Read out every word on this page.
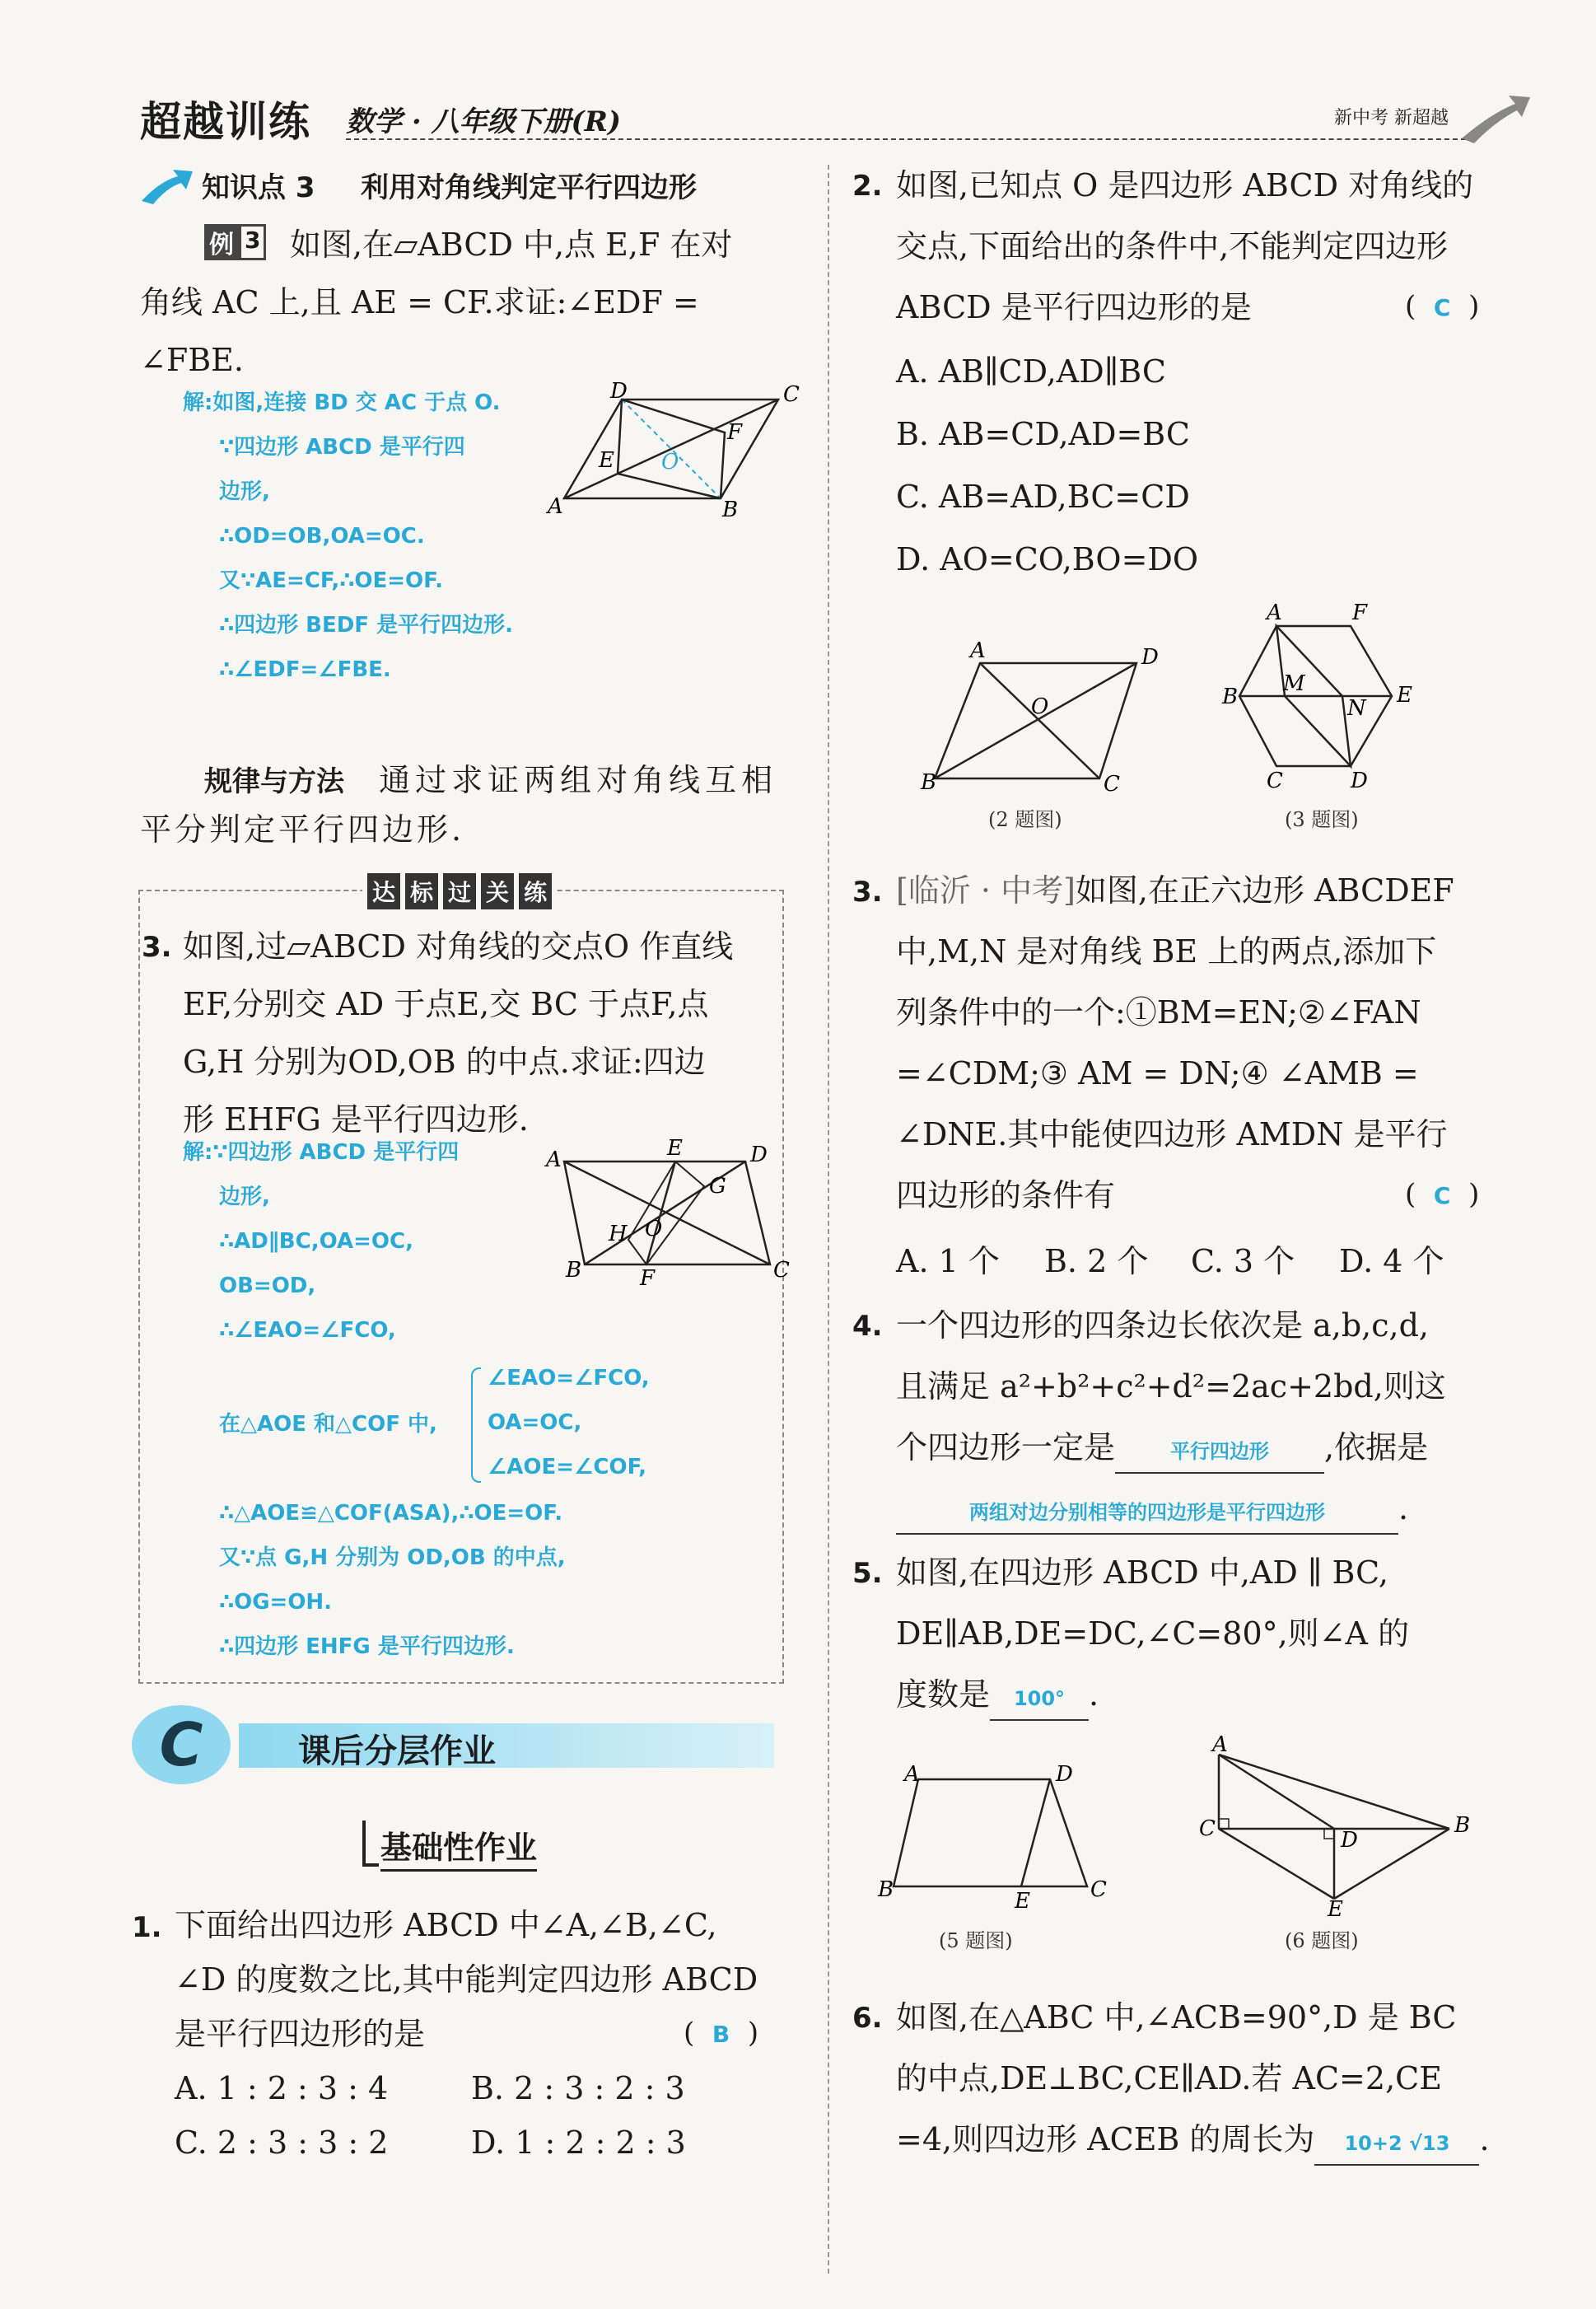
超越训练 数学 · 八年级下册(R)	新中考 新超越
知识点 3 利用对角线判定平行四边形
例 3 如图,在▱ABCD 中,点 E,F 在对
角线 AC 上,且 AE = CF.求证:∠EDF =
∠FBE.
解:如图,连接 BD 交 AC 于点 O.
∵四边形 ABCD 是平行四
边形,
∴OD=OB,OA=OC.
又∵AE=CF,∴OE=OF.
∴四边形 BEDF 是平行四边形.
∴∠EDF=∠FBE.
D	C
A	B
E
F
O
规律与方法 通过求证两组对角线互相
平分判定平行四边形.
达 标 过 关 练
3. 如图,过▱ABCD 对角线的交点O 作直线
EF,分别交 AD 于点E,交 BC 于点F,点
G,H 分别为OD,OB 的中点.求证:四边
形 EHFG 是平行四边形.
解:∵四边形 ABCD 是平行四
边形,
∴AD∥BC,OA=OC,
OB=OD,
∴∠EAO=∠FCO,
在△AOE 和△COF 中,
∠EAO=∠FCO,
OA=OC,
∠AOE=∠COF,
∴△AOE≌△COF(ASA),∴OE=OF.
又∵点 G,H 分别为 OD,OB 的中点,
∴OG=OH.
∴四边形 EHFG 是平行四边形.
A	E	D
G
H O
B	F	C
C	课后分层作业
基础性作业
1. 下面给出四边形 ABCD 中∠A,∠B,∠C,
∠D 的度数之比,其中能判定四边形 ABCD
是平行四边形的是	(  B  )
A. 1 : 2 : 3 : 4	B. 2 : 3 : 2 : 3
C. 2 : 3 : 3 : 2	D. 1 : 2 : 2 : 3
2. 如图,已知点 O 是四边形 ABCD 对角线的
交点,下面给出的条件中,不能判定四边形
ABCD 是平行四边形的是	(  C  )
A. AB∥CD,AD∥BC
B. AB=CD,AD=BC
C. AB=AD,BC=CD
D. AO=CO,BO=DO
A	D
O
B	C
(2 题图)
A	F
B
M	E
N
C	D
(3 题图)
3. [临沂 · 中考]如图,在正六边形 ABCDEF
中,M,N 是对角线 BE 上的两点,添加下
列条件中的一个:①BM=EN;②∠FAN
=∠CDM;③ AM = DN;④ ∠AMB =
∠DNE.其中能使四边形 AMDN 是平行
四边形的条件有	(  C  )
A. 1 个 B. 2 个 C. 3 个 D. 4 个
4. 一个四边形的四条边长依次是 a,b,c,d,
且满足 a²+b²+c²+d²=2ac+2bd,则这
个四边形一定是	平行四边形 ,依据是
两组对边分别相等的四边形是平行四边形 .
5. 如图,在四边形 ABCD 中,AD ∥ BC,
DE∥AB,DE=DC,∠C=80°,则∠A 的
度数是 100° .
A	D
B	E	C
(5 题图)
A
C	D
B
E
(6 题图)
6. 如图,在△ABC 中,∠ACB=90°,D 是 BC
的中点,DE⊥BC,CE∥AD.若 AC=2,CE
=4,则四边形 ACEB 的周长为 10+2 √13 .
